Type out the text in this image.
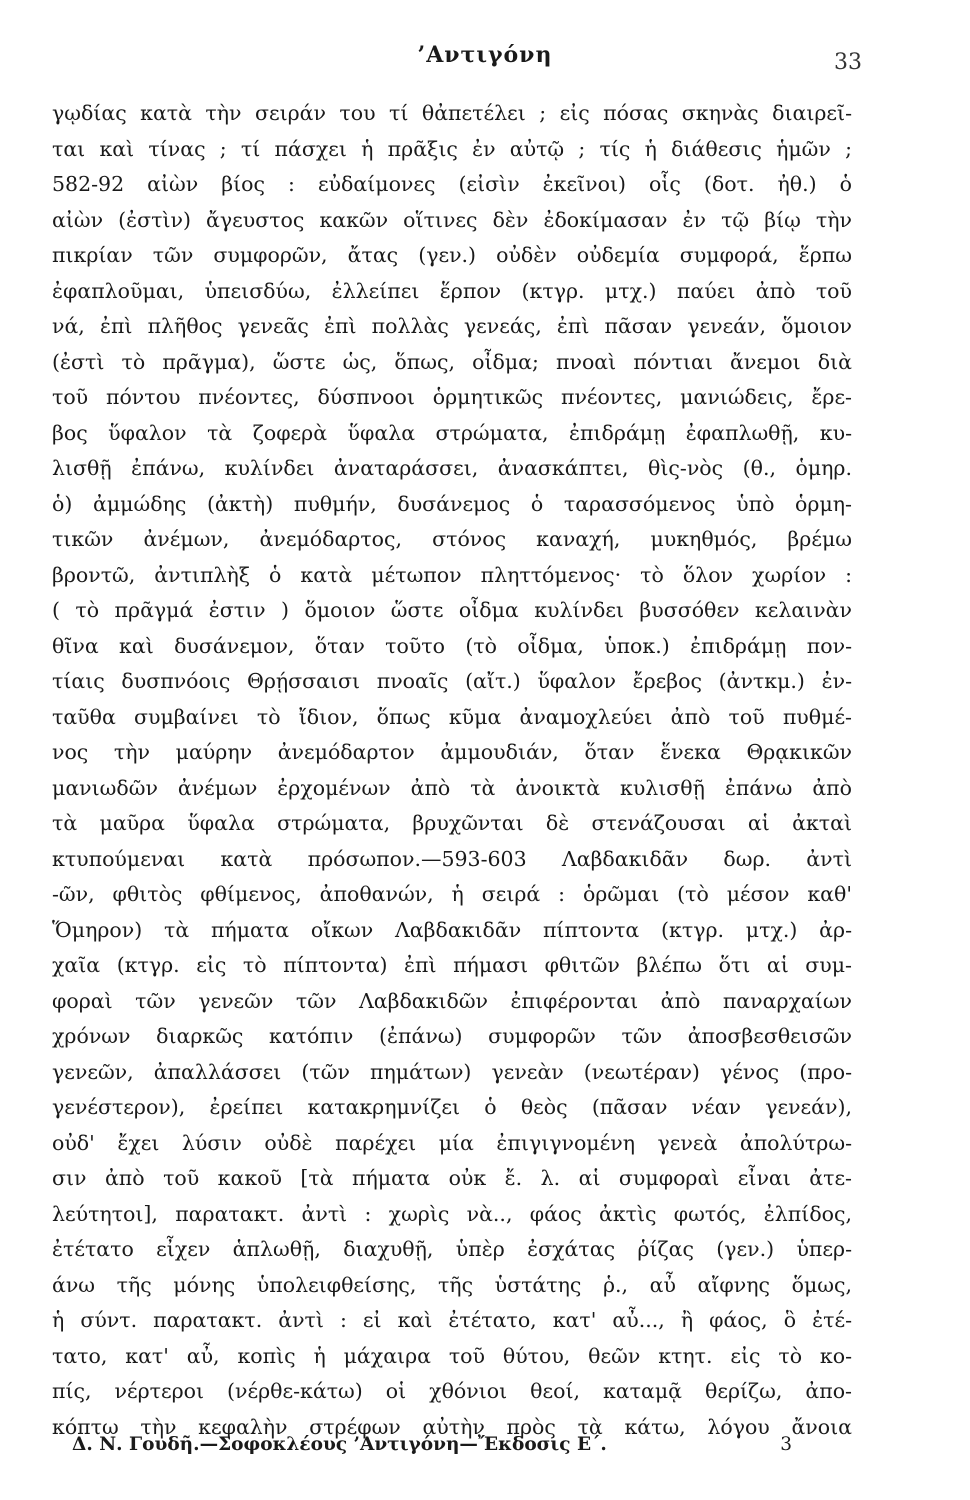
’Αντιγόνη	33
γῳδίας κατὰ τὴν σειράν του τί θἀπετέλει ; εἰς πόσας σκηνὰς διαιρεῖ-
ται καὶ τίνας ; τί πάσχει ἡ πρᾶξις ἐν αὐτῷ ; τίς ἡ διάθεσις ἡμῶν ;
582-92 αἰὼν βίος : εὐδαίμονες (εἰσὶν ἐκεῖνοι) οἷς (δοτ. ἠθ.) ὁ
αἰὼν (ἐστὶν) ἄγευστος κακῶν οἵτινες δὲν ἐδοκίμασαν ἐν τῷ βίῳ τὴν
πικρίαν τῶν συμφορῶν, ἄτας (γεν.) οὐδὲν οὐδεμία συμφορά, ἕρπω
ἐφαπλοῦμαι, ὑπεισδύω, ἐλλείπει ἕρπον (κτγρ. μτχ.) παύει ἀπὸ τοῦ
νά, ἐπὶ πλῆθος γενεᾶς ἐπὶ πολλὰς γενεάς, ἐπὶ πᾶσαν γενεάν, ὅμοιον
(ἐστὶ τὸ πρᾶγμα), ὥστε ὡς, ὅπως, οἶδμα; πνοαὶ πόντιαι ἄνεμοι διὰ
τοῦ πόντου πνέοντες, δύσπνοοι ὁρμητικῶς πνέοντες, μανιώδεις, ἔρε-
βος ὕφαλον τὰ ζοφερὰ ὕφαλα στρώματα, ἐπιδράμῃ ἐφαπλωθῇ, κυ-
λισθῇ ἐπάνω, κυλίνδει ἀναταράσσει, ἀνασκάπτει, θὶς-νὸς (θ., ὁμηρ.
ὁ) ἀμμώδης (ἀκτὴ) πυθμήν, δυσάνεμος ὁ ταρασσόμενος ὑπὸ ὁρμη-
τικῶν ἀνέμων, ἀνεμόδαρτος, στόνος καναχή, μυκηθμός, βρέμω
βροντῶ, ἀντιπλὴξ ὁ κατὰ μέτωπον πληττόμενος· τὸ ὅλον χωρίον :
( τὸ πρᾶγμά ἐστιν ) ὅμοιον ὥστε οἶδμα κυλίνδει βυσσόθεν κελαινὰν
θῖνα καὶ δυσάνεμον, ὅταν τοῦτο (τὸ οἶδμα, ὑποκ.) ἐπιδράμῃ πον-
τίαις δυσπνόοις Θρῄσσαισι πνοαῖς (αἴτ.) ὕφαλον ἔρεβος (ἀντκμ.) ἐν-
ταῦθα συμβαίνει τὸ ἴδιον, ὅπως κῦμα ἀναμοχλεύει ἀπὸ τοῦ πυθμέ-
νος τὴν μαύρην ἀνεμόδαρτον ἀμμουδιάν, ὅταν ἕνεκα Θρᾳκικῶν
μανιωδῶν ἀνέμων ἐρχομένων ἀπὸ τὰ ἀνοικτὰ κυλισθῇ ἐπάνω ἀπὸ
τὰ μαῦρα ὕφαλα στρώματα, βρυχῶνται δὲ στενάζουσαι αἱ ἀκταὶ
κτυπούμεναι κατὰ πρόσωπον.—593-603 Λαβδακιδᾶν δωρ. ἀντὶ
-ῶν, φθιτὸς φθίμενος, ἀποθανών, ἡ σειρά : ὁρῶμαι (τὸ μέσον καθ'
Ὅμηρον) τὰ πήματα οἴκων Λαβδακιδᾶν πίπτοντα (κτγρ. μτχ.) ἀρ-
χαῖα (κτγρ. εἰς τὸ πίπτοντα) ἐπὶ πήμασι φθιτῶν βλέπω ὅτι αἱ συμ-
φοραὶ τῶν γενεῶν τῶν Λαβδακιδῶν ἐπιφέρονται ἀπὸ παναρχαίων
χρόνων διαρκῶς κατόπιν (ἐπάνω) συμφορῶν τῶν ἀποσβεσθεισῶν
γενεῶν, ἀπαλλάσσει (τῶν πημάτων) γενεὰν (νεωτέραν) γένος (προ-
γενέστερον), ἐρείπει κατακρημνίζει ὁ θεὸς (πᾶσαν νέαν γενεάν),
οὐδ' ἔχει λύσιν οὐδὲ παρέχει μία ἐπιγιγνομένη γενεὰ ἀπολύτρω-
σιν ἀπὸ τοῦ κακοῦ [τὰ πήματα οὐκ ἔ. λ. αἱ συμφοραὶ εἶναι ἀτε-
λεύτητοι], παρατακτ. ἀντὶ : χωρὶς νὰ.., φάος ἀκτὶς φωτός, ἐλπίδος,
ἐτέτατο εἶχεν ἁπλωθῇ, διαχυθῇ, ὑπὲρ ἐσχάτας ῥίζας (γεν.) ὑπερ-
άνω τῆς μόνης ὑπολειφθείσης, τῆς ὑστάτης ῥ., αὖ αἴφνης ὅμως,
ἡ σύντ. παρατακτ. ἀντὶ : εἰ καὶ ἐτέτατο, κατ' αὖ..., ἢ φάος, ὃ ἐτέ-
τατο, κατ' αὖ, κοπὶς ἡ μάχαιρα τοῦ θύτου, θεῶν κτητ. εἰς τὸ κο-
πίς, νέρτεροι (νέρθε-κάτω) οἱ χθόνιοι θεοί, καταμᾷ θερίζω, ἀπο-
κόπτω τὴν κεφαλὴν στρέφων αὐτὴν πρὸς τὰ κάτω, λόγου ἄνοια
Δ. Ν. Γουδῆ.—Σοφοκλέους ’Αντιγόνη—Ἔκδοσις Ε΄.	3
